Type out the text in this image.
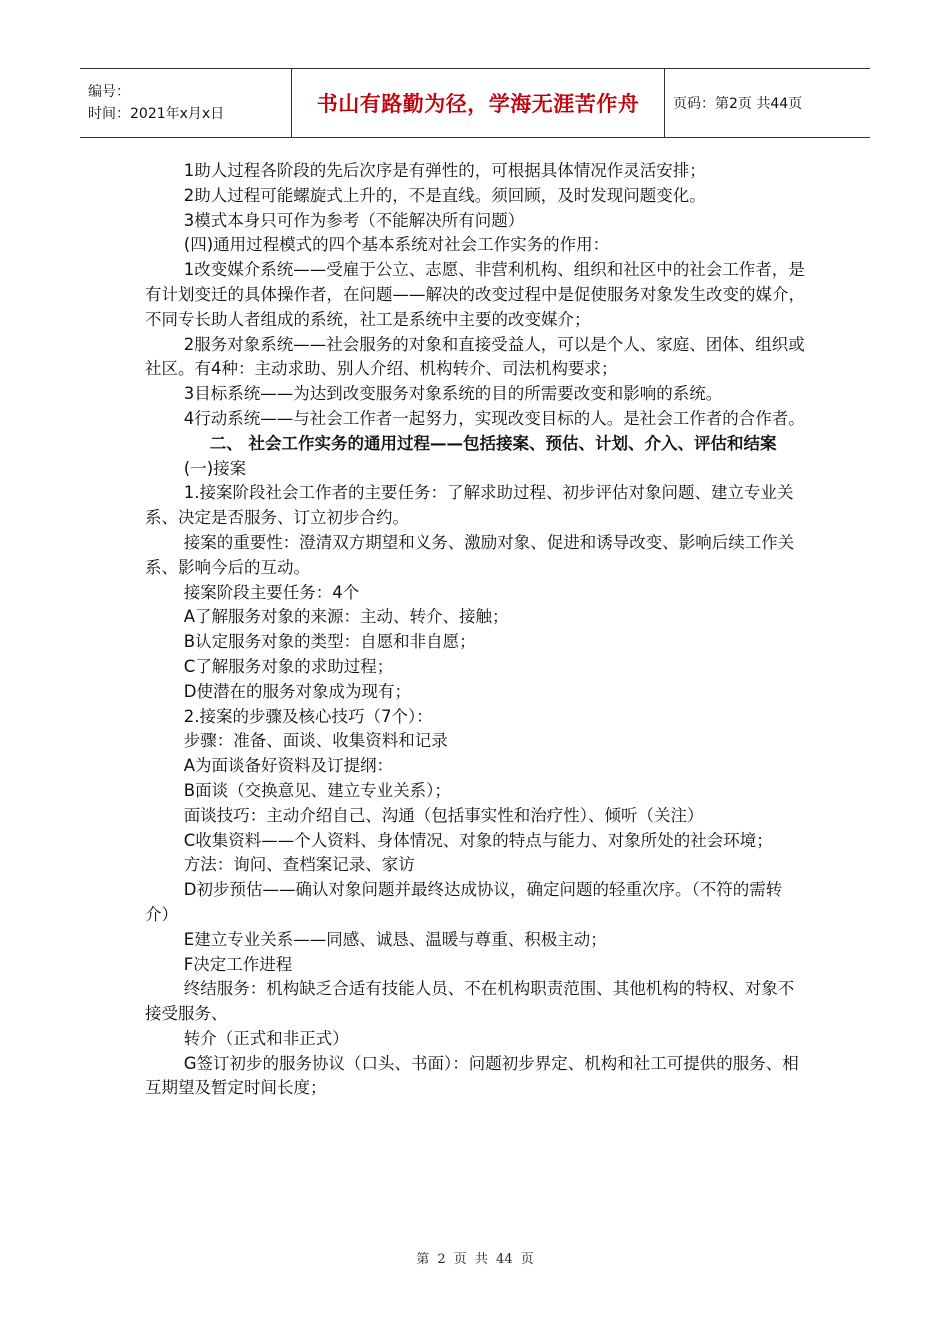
编号：
时间：2021年x月x日	书山有路勤为径，学海无涯苦作舟 页码：第2页 共44页

1助人过程各阶段的先后次序是有弹性的，可根据具体情况作灵活安排；

2助人过程可能螺旋式上升的，不是直线。须回顾，及时发现问题变化。

3模式本身只可作为参考（不能解决所有问题）

(四)通用过程模式的四个基本系统对社会工作实务的作用：

1改变媒介系统——受雇于公立、志愿、非营利机构、组织和社区中的社会工作者，是有计划变迁的具体操作者，在问题——解决的改变过程中是促使服务对象发生改变的媒介，不同专长助人者组成的系统，社工是系统中主要的改变媒介；

2服务对象系统——社会服务的对象和直接受益人，可以是个人、家庭、团体、组织或社区。有4种：主动求助、别人介绍、机构转介、司法机构要求；

3目标系统——为达到改变服务对象系统的目的所需要改变和影响的系统。

4行动系统——与社会工作者一起努力，实现改变目标的人。是社会工作者的合作者。

二、 社会工作实务的通用过程——包括接案、预估、计划、介入、评估和结案

(一)接案

1.接案阶段社会工作者的主要任务：了解求助过程、初步评估对象问题、建立专业关系、决定是否服务、订立初步合约。

接案的重要性：澄清双方期望和义务、激励对象、促进和诱导改变、影响后续工作关系、影响今后的互动。

接案阶段主要任务：4个

A了解服务对象的来源：主动、转介、接触；

B认定服务对象的类型：自愿和非自愿；

C了解服务对象的求助过程；

D使潜在的服务对象成为现有；

2.接案的步骤及核心技巧（7个）：

步骤：准备、面谈、收集资料和记录

A为面谈备好资料及订提纲：

B面谈（交换意见、建立专业关系）；

面谈技巧：主动介绍自己、沟通（包括事实性和治疗性）、倾听（关注）

C收集资料——个人资料、身体情况、对象的特点与能力、对象所处的社会环境；

方法：询问、查档案记录、家访

D初步预估——确认对象问题并最终达成协议，确定问题的轻重次序。（不符的需转介）

E建立专业关系——同感、诚恳、温暖与尊重、积极主动；

F决定工作进程

终结服务：机构缺乏合适有技能人员、不在机构职责范围、其他机构的特权、对象不接受服务、

转介（正式和非正式）

G签订初步的服务协议（口头、书面）：问题初步界定、机构和社工可提供的服务、相互期望及暂定时间长度；

第 2 页 共 44 页
